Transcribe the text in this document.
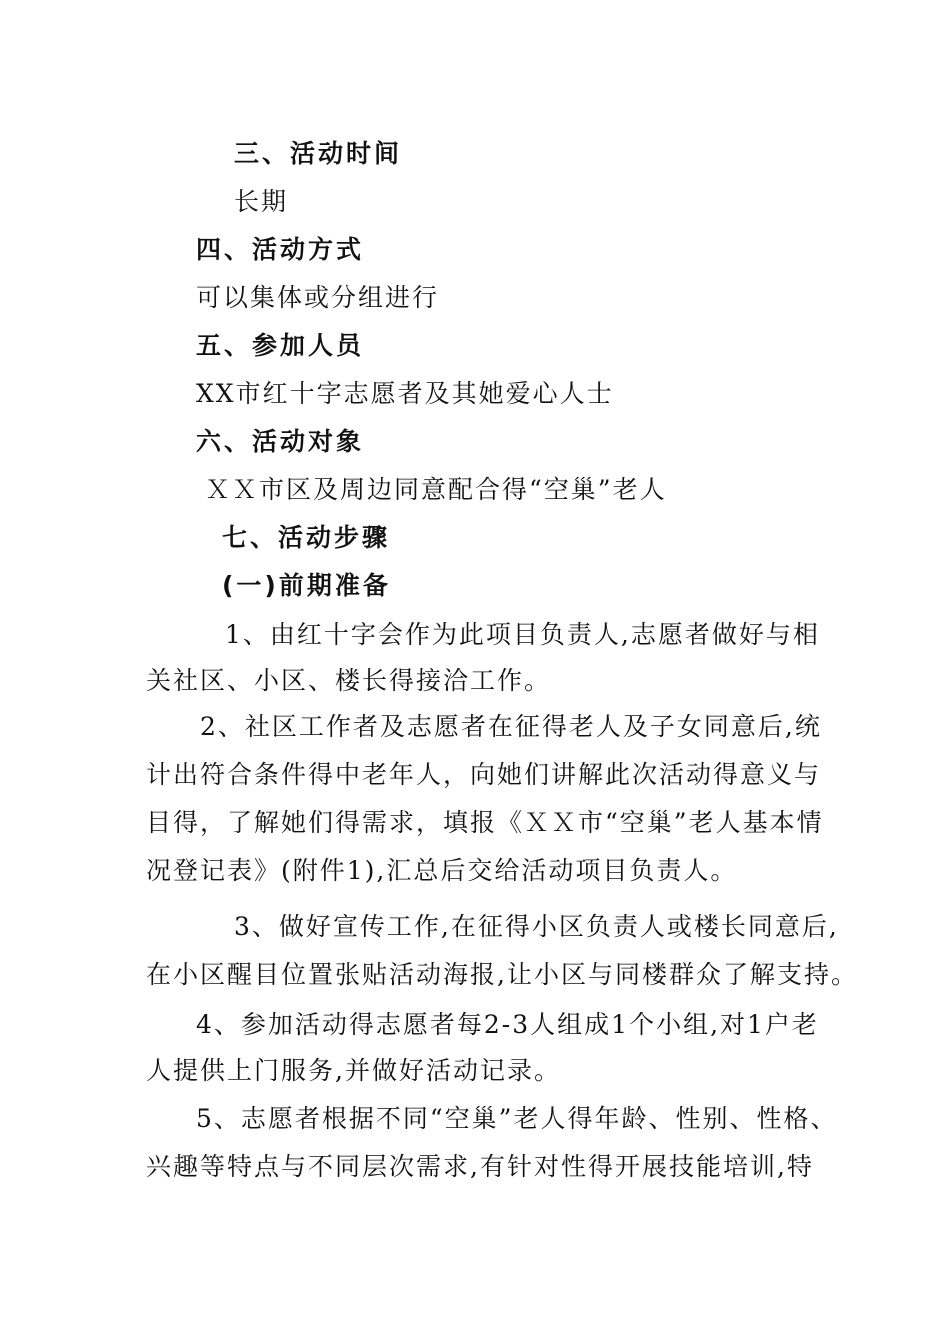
三、活动时间
长期
四、活动方式
可以集体或分组进行
五、参加人员
XX市红十字志愿者及其她爱心人士
六、活动对象
ＸＸ市区及周边同意配合得“空巢”老人
七、活动步骤
(一)前期准备
1、由红十字会作为此项目负责人,志愿者做好与相
关社区、小区、楼长得接洽工作。
2、社区工作者及志愿者在征得老人及子女同意后,统
计出符合条件得中老年人，向她们讲解此次活动得意义与
目得，了解她们得需求，填报《ＸＸ市“空巢”老人基本情
况登记表》(附件1),汇总后交给活动项目负责人。
3、做好宣传工作,在征得小区负责人或楼长同意后,
在小区醒目位置张贴活动海报,让小区与同楼群众了解支持。
4、参加活动得志愿者每2-3人组成1个小组,对1户老
人提供上门服务,并做好活动记录。
5、志愿者根据不同“空巢”老人得年龄、性别、性格、
兴趣等特点与不同层次需求,有针对性得开展技能培训,特
